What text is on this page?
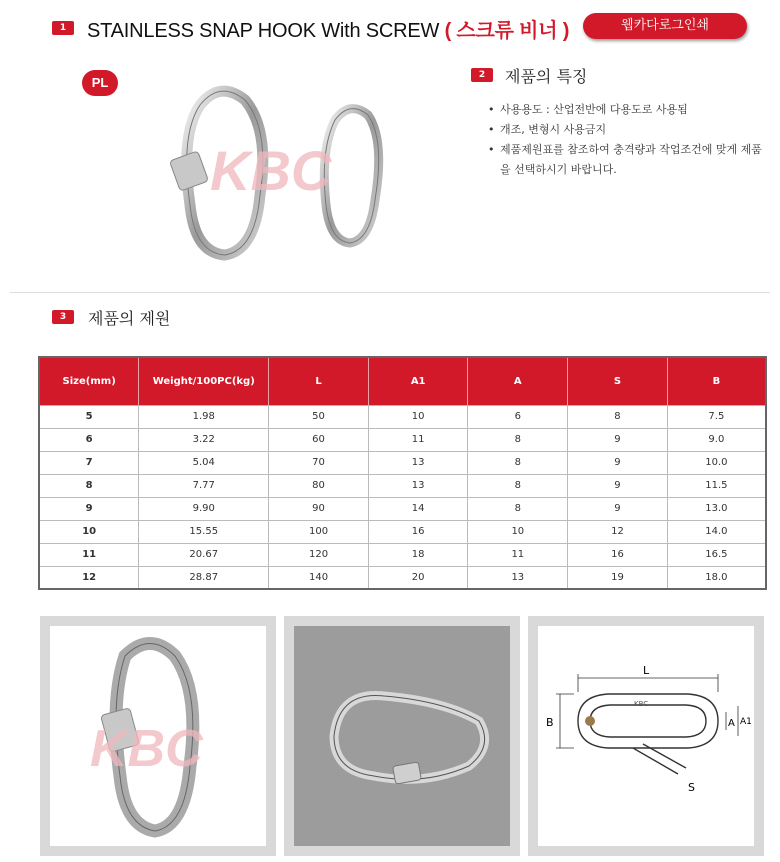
1	STAINLESS SNAP HOOK With SCREW ( 스크류 비너 )	웹카다로그인쇄
PL
KBC
2	제품의 특징
• 사용용도 : 산업전반에 다용도로 사용됨
• 개조, 변형시 사용금지
• 제품제원표를 참조하여 충격량과 작업조건에 맞게 제품을 선택하시기 바랍니다.
3	제품의 제원
Size(mm)	Weight/100PC(kg)	L	A1	A	S	B
5	1.98	50	10	6	8	7.5
6	3.22	60	11	8	9	9.0
7	5.04	70	13	8	9	10.0
8	7.77	80	13	8	9	11.5
9	9.90	90	14	8	9	13.0
10	15.55	100	16	10	12	14.0
11	20.67	120	18	11	16	16.5
12	28.87	140	20	13	19	18.0
KBC
L
B	A A1
S
KBC
